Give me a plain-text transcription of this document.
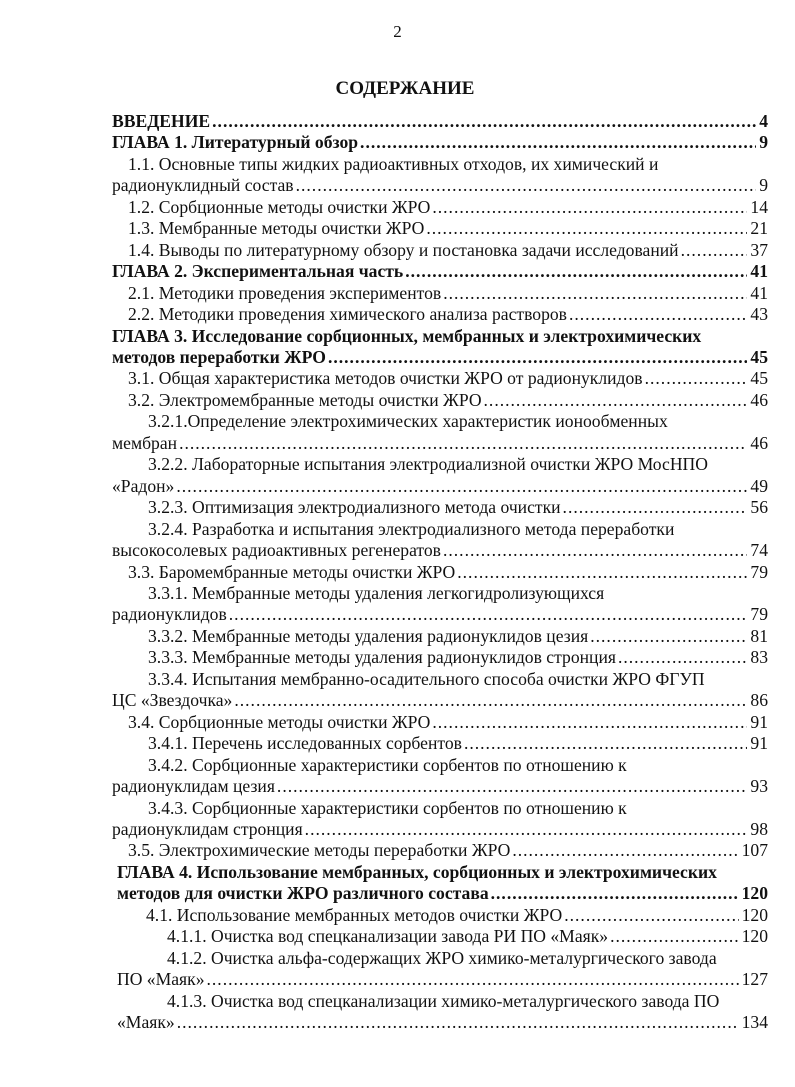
2
СОДЕРЖАНИЕ
ВВЕДЕНИЕ .....	4
ГЛАВА 1. Литературный обзор .....	9
1.1. Основные типы жидких радиоактивных отходов, их химический и
радионуклидный состав .....	9
1.2. Сорбционные методы очистки ЖРО .....	14
1.3. Мембранные методы очистки ЖРО .....	21
1.4. Выводы по литературному обзору и постановка задачи исследований .....	37
ГЛАВА 2. Экспериментальная часть .....	41
2.1. Методики проведения экспериментов .....	41
2.2. Методики проведения химического анализа растворов .....	43
ГЛАВА 3. Исследование сорбционных, мембранных и электрохимических
методов переработки ЖРО .....	45
3.1. Общая характеристика методов очистки ЖРО от радионуклидов .....	45
3.2. Электромембранные методы очистки ЖРО .....	46
3.2.1.Определение электрохимических характеристик ионообменных
мембран .....	46
3.2.2. Лабораторные испытания электродиализной очистки ЖРО МосНПО
«Радон» .....	49
3.2.3. Оптимизация электродиализного метода очистки .....	56
3.2.4. Разработка и испытания электродиализного метода переработки
высокосолевых радиоактивных регенератов .....	74
3.3. Баромембранные методы очистки ЖРО .....	79
3.3.1. Мембранные методы удаления легкогидролизующихся
радионуклидов .....	79
3.3.2. Мембранные методы удаления радионуклидов цезия .....	81
3.3.3. Мембранные методы удаления радионуклидов стронция .....	83
3.3.4. Испытания мембранно-осадительного способа очистки ЖРО ФГУП
ЦС «Звездочка» .....	86
3.4. Сорбционные методы очистки ЖРО .....	91
3.4.1. Перечень исследованных сорбентов .....	91
3.4.2. Сорбционные характеристики сорбентов по отношению к
радионуклидам цезия .....	93
3.4.3. Сорбционные характеристики сорбентов по отношению к
радионуклидам стронция .....	98
3.5. Электрохимические методы переработки ЖРО .....	107
ГЛАВА 4. Использование мембранных, сорбционных и электрохимических
методов для очистки ЖРО различного состава .....	120
4.1. Использование мембранных методов очистки ЖРО .....	120
4.1.1. Очистка вод спецканализации завода РИ ПО «Маяк» .....	120
4.1.2. Очистка альфа-содержащих ЖРО химико-металургического завода
ПО «Маяк» .....	127
4.1.3. Очистка вод спецканализации химико-металургического завода ПО
«Маяк» .....	134
